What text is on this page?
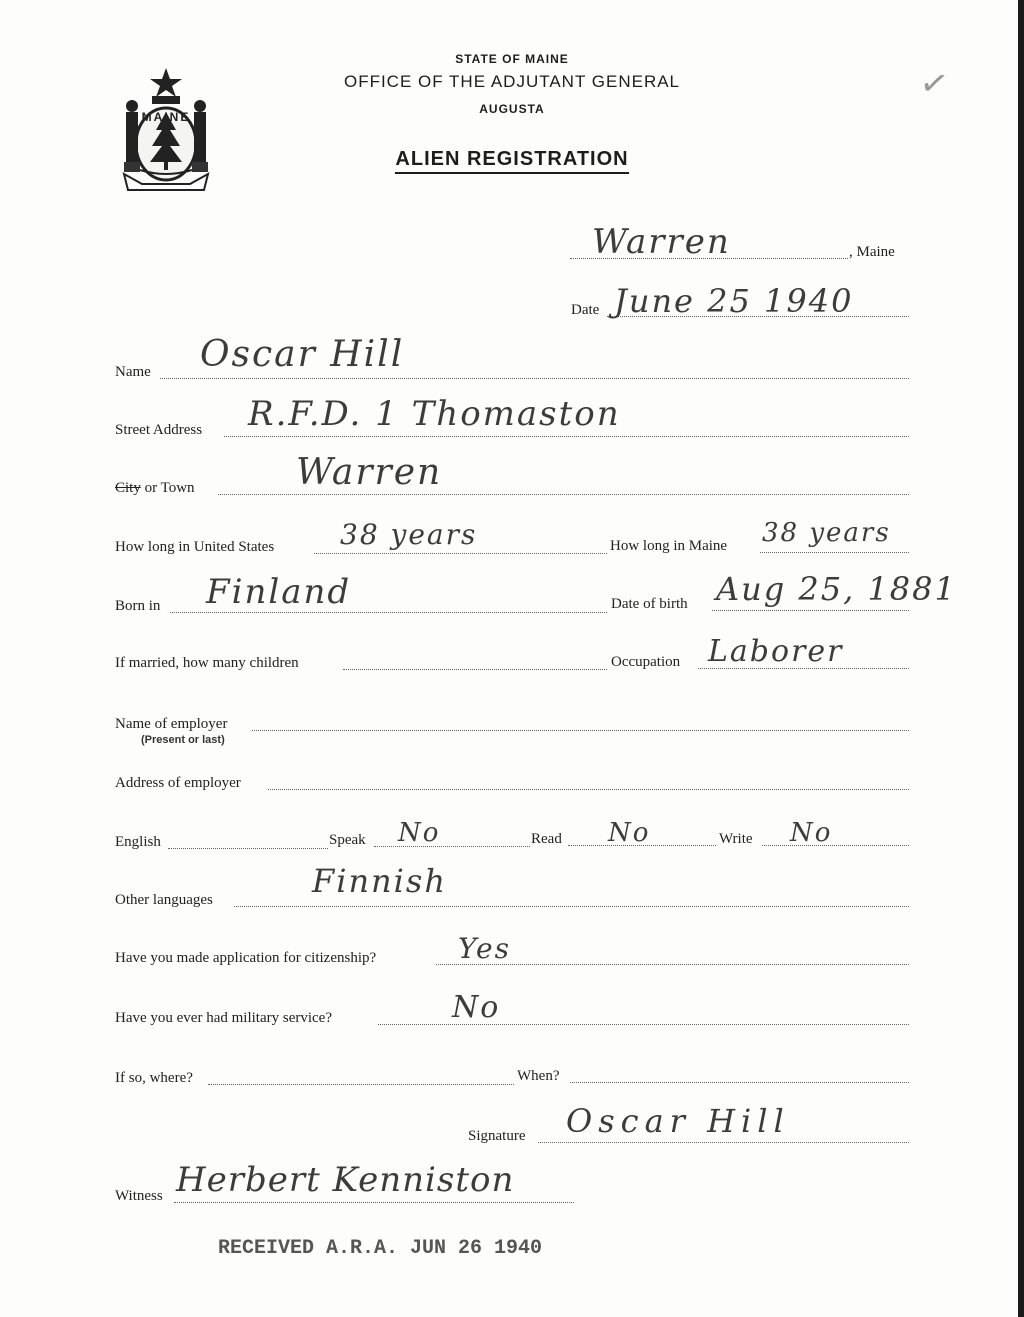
MAINE
✓
STATE OF MAINE
OFFICE OF THE ADJUTANT GENERAL
AUGUSTA
ALIEN REGISTRATION
Warren	, Maine
Date June 25 1940
Name Oscar Hill
Street Address R.F.D. 1 Thomaston
City or Town	Warren
How long in United States 38 years	How long in Maine 38 years
Born in Finland	Date of birth Aug 25, 1881
If married, how many children	Occupation Laborer
Name of employer
(Present or last)
Address of employer
English	Speak No	Read No	Write No
Other languages	Finnish
Have you made application for citizenship?	Yes
Have you ever had military service?	No
If so, where?	When?
Signature Oscar Hill
Witness Herbert Kenniston
RECEIVED A.R.A. JUN 26 1940
